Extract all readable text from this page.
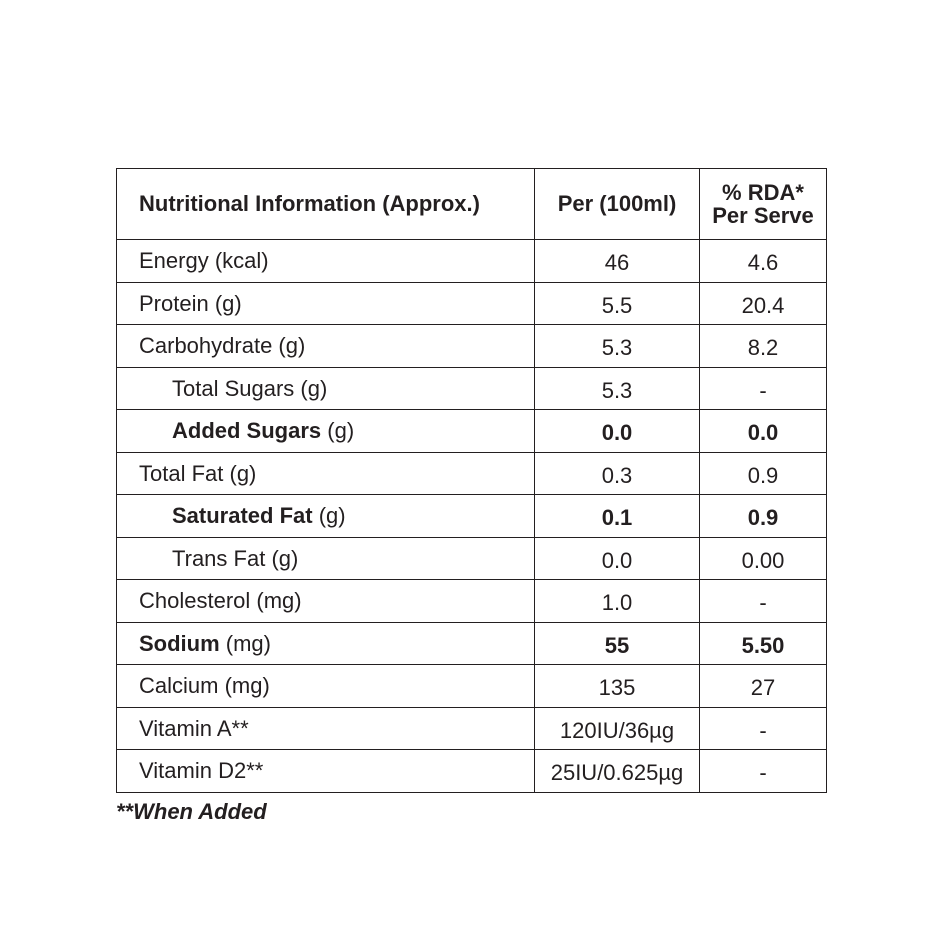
Nutritional Information (Approx.)	Per (100ml)	% RDA*
Per Serve

Energy (kcal)	46	4.6
Protein (g)	5.5	20.4
Carbohydrate (g)	5.3	8.2
Total Sugars (g)	5.3	-
Added Sugars (g)	0.0	0.0
Total Fat (g)	0.3	0.9
Saturated Fat (g)	0.1	0.9
Trans Fat (g)	0.0	0.00
Cholesterol (mg)	1.0	-
Sodium (mg)	55	5.50
Calcium (mg)	135	27
Vitamin A**	120IU/36µg	-
Vitamin D2**	25IU/0.625µg	-
**When Added
